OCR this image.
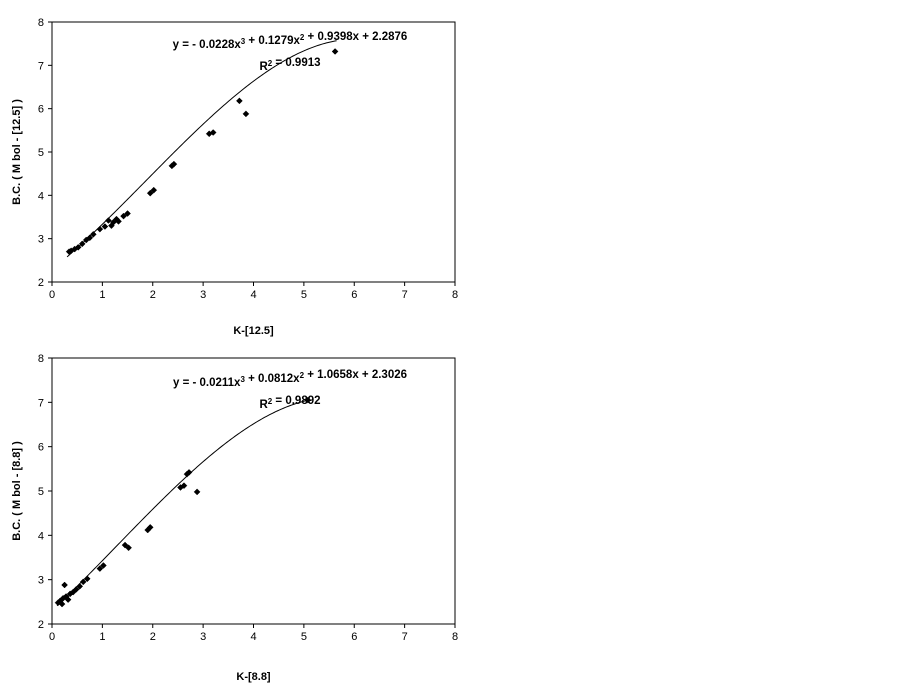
0	1	2	3	4	5	6	7	8
2
3
4
5
6
7
8
y = - $0.0228x^3 + 0.1279x^2 + 0.9398x + 2.2876$
$R^2 = 0.9913$
K-[12.5]
B.C. ( M bol - [12.5] )
0	1	2	3	4	5	6	7	8
2
3
4
5
6
7
8
y = - $0.0211x^3 + 0.0812x^2 + 1.0658x + 2.3026$
$R^2 = 0.9892$
K-[8.8]
B.C. ( M bol - [8.8] )
